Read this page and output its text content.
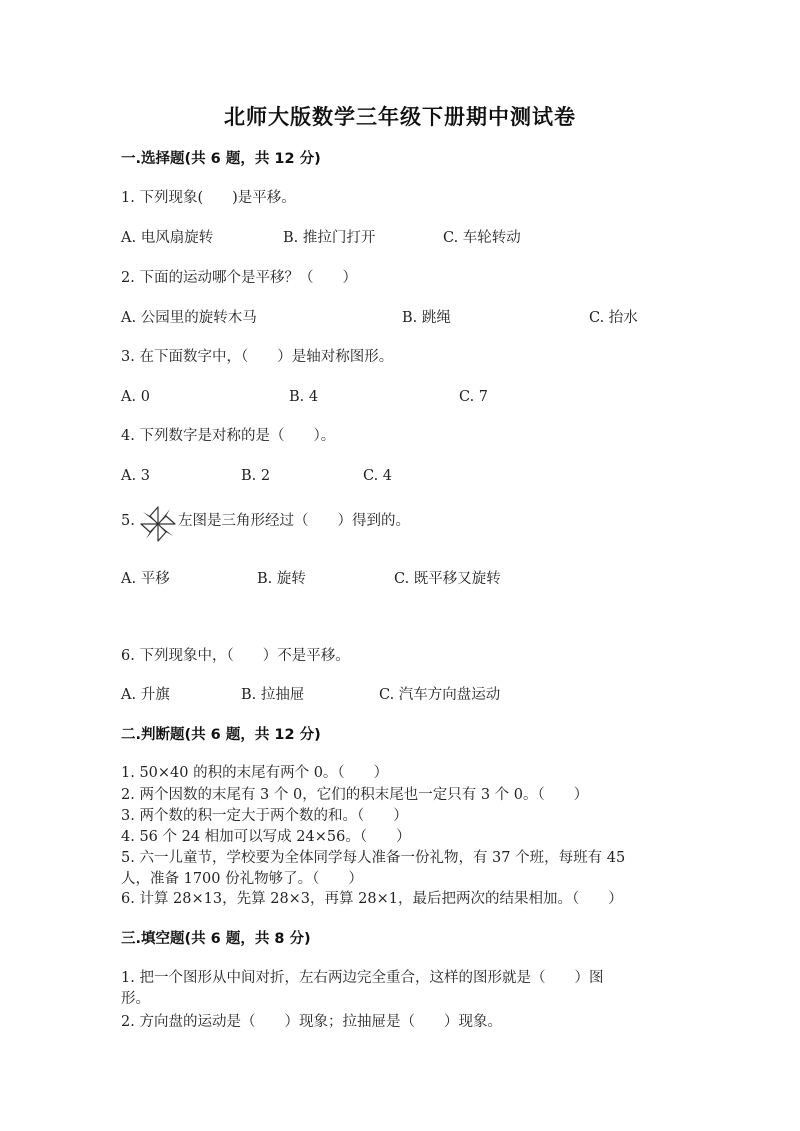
北师大版数学三年级下册期中测试卷
一.选择题(共 6 题，共 12 分)
1. 下列现象(　　)是平移。
A. 电风扇旋转	B. 推拉门打开	C. 车轮转动
2. 下面的运动哪个是平移？（　　）
A. 公园里的旋转木马	B. 跳绳	C. 抬水
3. 在下面数字中，（　　）是轴对称图形。
A. 0	B. 4	C. 7
4. 下列数字是对称的是（　　）。
A. 3	B. 2	C. 4
5.	左图是三角形经过（　　）得到的。
A. 平移	B. 旋转	C. 既平移又旋转
6. 下列现象中，（　　）不是平移。
A. 升旗	B. 拉抽屉	C. 汽车方向盘运动
二.判断题(共 6 题，共 12 分)
1. 50×40 的积的末尾有两个 0。（　　）
2. 两个因数的末尾有 3 个 0，它们的积末尾也一定只有 3 个 0。（　　）
3. 两个数的积一定大于两个数的和。（　　）
4. 56 个 24 相加可以写成 24×56。（　　）
5. 六一儿童节，学校要为全体同学每人准备一份礼物，有 37 个班，每班有 45
人，准备 1700 份礼物够了。（　　）
6. 计算 28×13，先算 28×3，再算 28×1，最后把两次的结果相加。（　　）
三.填空题(共 6 题，共 8 分)
1. 把一个图形从中间对折，左右两边完全重合，这样的图形就是（　　）图
形。
2. 方向盘的运动是（　　）现象；拉抽屉是（　　）现象。
